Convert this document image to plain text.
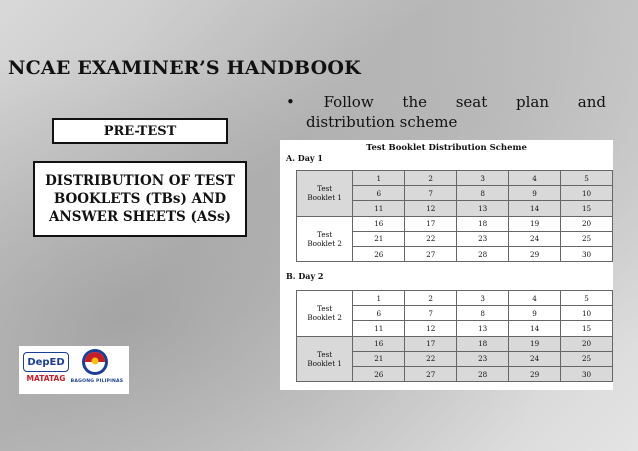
NCAE EXAMINER’S HANDBOOK
PRE-TEST
DISTRIBUTION OF TEST
BOOKLETS (TBs) AND
ANSWER SHEETS (ASs)
• Follow the seat plan and
distribution scheme
Test Booklet Distribution Scheme
A. Day 1
Test
Booklet 1	1	2	3	4	5
	6	7	8	9	10
	11	12	13	14	15

Test
Booklet 2	16	17	18	19	20
	21	22	23	24	25
	26	27	28	29	30
B. Day 2
Test
Booklet 2	1	2	3	4	5
	6	7	8	9	10
	11	12	13	14	15

Test
Booklet 1	16	17	18	19	20
	21	22	23	24	25
	26	27	28	29	30
DepED
MATATAG	BAGONG PILIPINAS
